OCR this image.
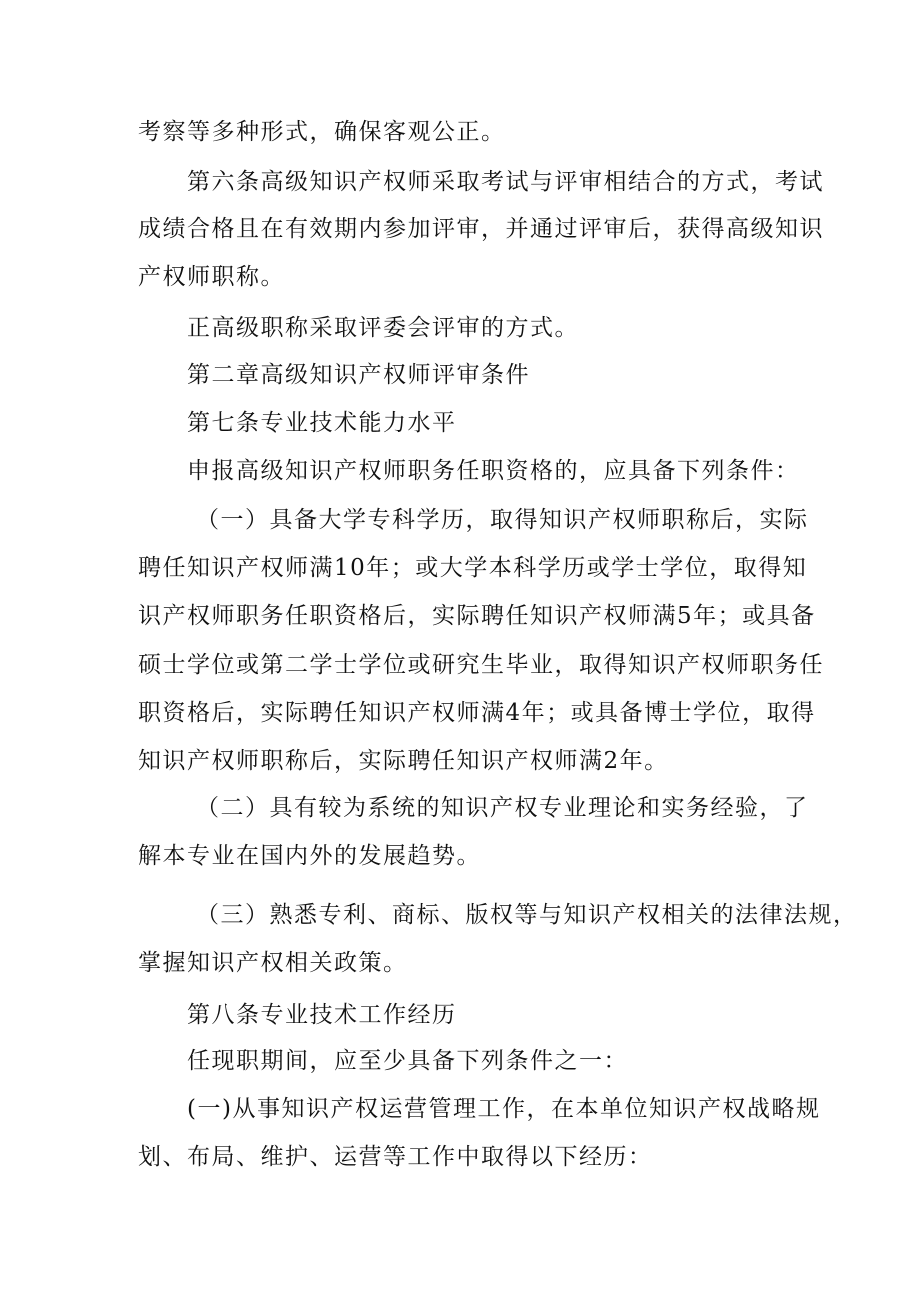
考察等多种形式，确保客观公正。
第六条高级知识产权师采取考试与评审相结合的方式，考试
成绩合格且在有效期内参加评审，并通过评审后，获得高级知识
产权师职称。
正高级职称采取评委会评审的方式。
第二章高级知识产权师评审条件
第七条专业技术能力水平
申报高级知识产权师职务任职资格的，应具备下列条件：
（一）具备大学专科学历，取得知识产权师职称后，实际
聘任知识产权师满10年；或大学本科学历或学士学位，取得知
识产权师职务任职资格后，实际聘任知识产权师满5年；或具备
硕士学位或第二学士学位或研究生毕业，取得知识产权师职务任
职资格后，实际聘任知识产权师满4年；或具备博士学位，取得
知识产权师职称后，实际聘任知识产权师满2年。
（二）具有较为系统的知识产权专业理论和实务经验，了
解本专业在国内外的发展趋势。
（三）熟悉专利、商标、版权等与知识产权相关的法律法规，
掌握知识产权相关政策。
第八条专业技术工作经历
任现职期间，应至少具备下列条件之一：
(一)从事知识产权运营管理工作，在本单位知识产权战略规
划、布局、维护、运营等工作中取得以下经历：
